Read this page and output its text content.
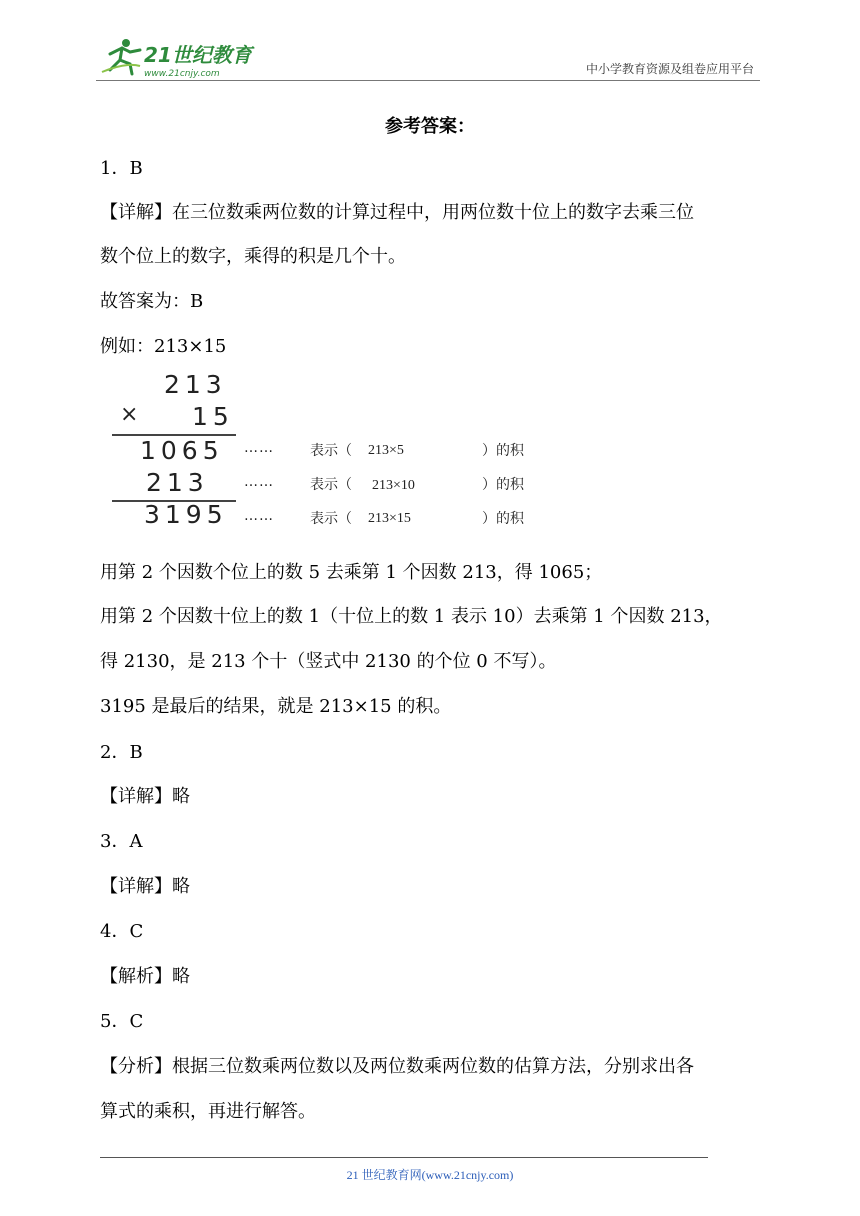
21世纪教育
www.21cnjy.com	中小学教育资源及组卷应用平台
参考答案：
1．B
【详解】在三位数乘两位数的计算过程中，用两位数十位上的数字去乘三位
数个位上的数字，乘得的积是几个十。
故答案为：B
例如：213×15
213
× 15
1065 ……	表示（ 213×5	）的积
213	……	表示（ 213×10	）的积
3195 ……	表示（ 213×15	）的积
用第 2 个因数个位上的数 5 去乘第 1 个因数 213，得 1065；
用第 2 个因数十位上的数 1（十位上的数 1 表示 10）去乘第 1 个因数 213，
得 2130，是 213 个十（竖式中 2130 的个位 0 不写）。
3195 是最后的结果，就是 213×15 的积。
2．B
【详解】略
3．A
【详解】略
4．C
【解析】略
5．C
【分析】根据三位数乘两位数以及两位数乘两位数的估算方法，分别求出各
算式的乘积，再进行解答。
21 世纪教育网(www.21cnjy.com)
